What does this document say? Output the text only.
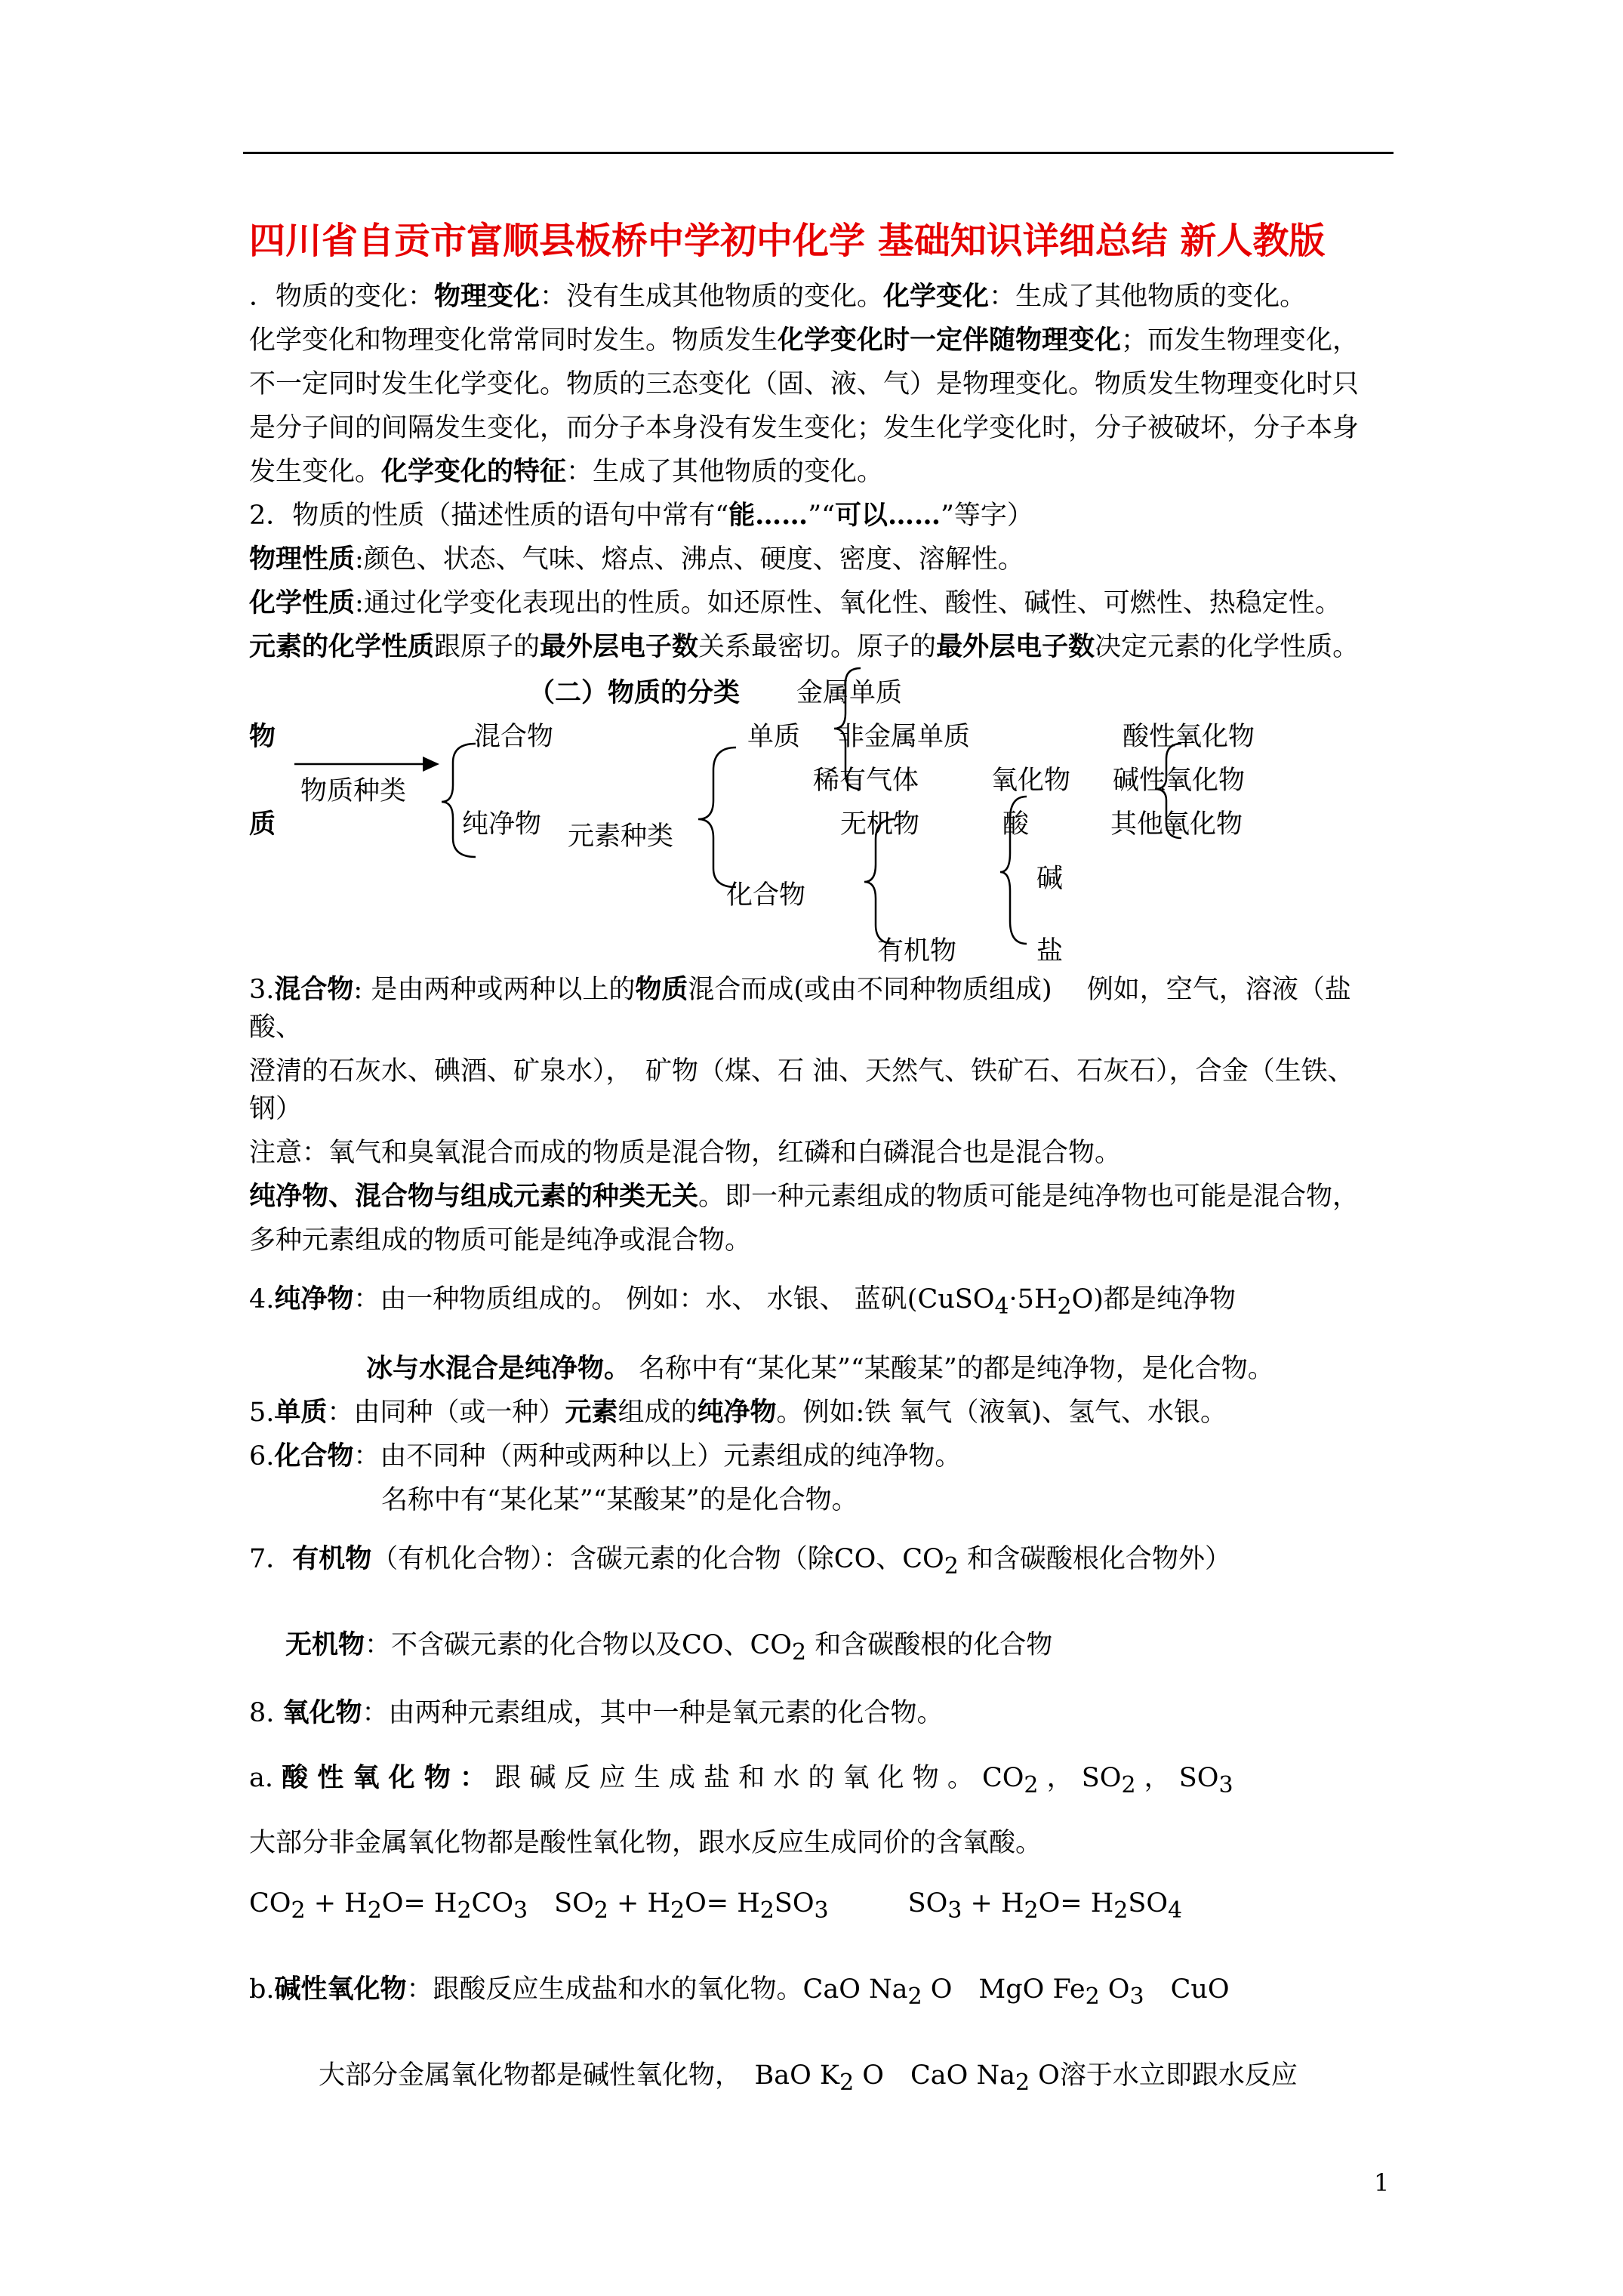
四川省自贡市富顺县板桥中学初中化学 基础知识详细总结 新人教版
．物质的变化：物理变化：没有生成其他物质的变化。化学变化：生成了其他物质的变化。
化学变化和物理变化常常同时发生。物质发生化学变化时一定伴随物理变化；而发生物理变化，
不一定同时发生化学变化。物质的三态变化（固、液、气）是物理变化。物质发生物理变化时只
是分子间的间隔发生变化，而分子本身没有发生变化；发生化学变化时，分子被破坏，分子本身
发生变化。化学变化的特征：生成了其他物质的变化。
2．物质的性质（描述性质的语句中常有“能……”“可以……”等字）
物理性质:颜色、状态、气味、熔点、沸点、硬度、密度、溶解性。
化学性质:通过化学变化表现出的性质。如还原性、氧化性、酸性、碱性、可燃性、热稳定性。
元素的化学性质跟原子的最外层电子数关系最密切。原子的最外层电子数决定元素的化学性质。
（二）物质的分类 金属单质
物	混合物	单质 非金属单质	酸性氧化物
物质种类	稀有气体	氧化物 碱性氧化物
质	纯净物 元素种类	无机物	酸	其他氧化物
碱
化合物
有机物	盐
3.混合物: 是由两种或两种以上的物质混合而成(或由不同种物质组成)　 例如，空气，溶液（盐
酸、
澄清的石灰水、碘酒、矿泉水），　矿物（煤、石 油、天然气、铁矿石、石灰石），合金（生铁、
钢）
注意：氧气和臭氧混合而成的物质是混合物，红磷和白磷混合也是混合物。
纯净物、混合物与组成元素的种类无关。即一种元素组成的物质可能是纯净物也可能是混合物，
多种元素组成的物质可能是纯净或混合物。
4.纯净物：由一种物质组成的。 例如：水、 水银、 蓝矾(CuSO4·5H2O)都是纯净物
冰与水混合是纯净物。 名称中有“某化某”“某酸某”的都是纯净物，是化合物。
5.单质：由同种（或一种）元素组成的纯净物。例如:铁 氧气（液氧)、氢气、水银。
6.化合物：由不同种（两种或两种以上）元素组成的纯净物。
名称中有“某化某”“某酸某”的是化合物。
7．有机物（有机化合物）：含碳元素的化合物（除CO、CO2 和含碳酸根化合物外）
无机物：不含碳元素的化合物以及CO、CO2 和含碳酸根的化合物
8. 氧化物：由两种元素组成，其中一种是氧元素的化合物。
a. 酸 性 氧 化 物 ： 跟 碱 反 应 生 成 盐 和 水 的 氧 化 物 。 CO2 ， SO2 ， SO3
大部分非金属氧化物都是酸性氧化物，跟水反应生成同价的含氧酸。
CO2 + H2O= H2CO3　SO2 + H2O= H2SO3　　　SO3 + H2O= H2SO4
b.碱性氧化物：跟酸反应生成盐和水的氧化物。CaO Na2 O　MgO Fe2 O3　CuO
大部分金属氧化物都是碱性氧化物，　BaO K2 O　CaO Na2 O溶于水立即跟水反应
1
